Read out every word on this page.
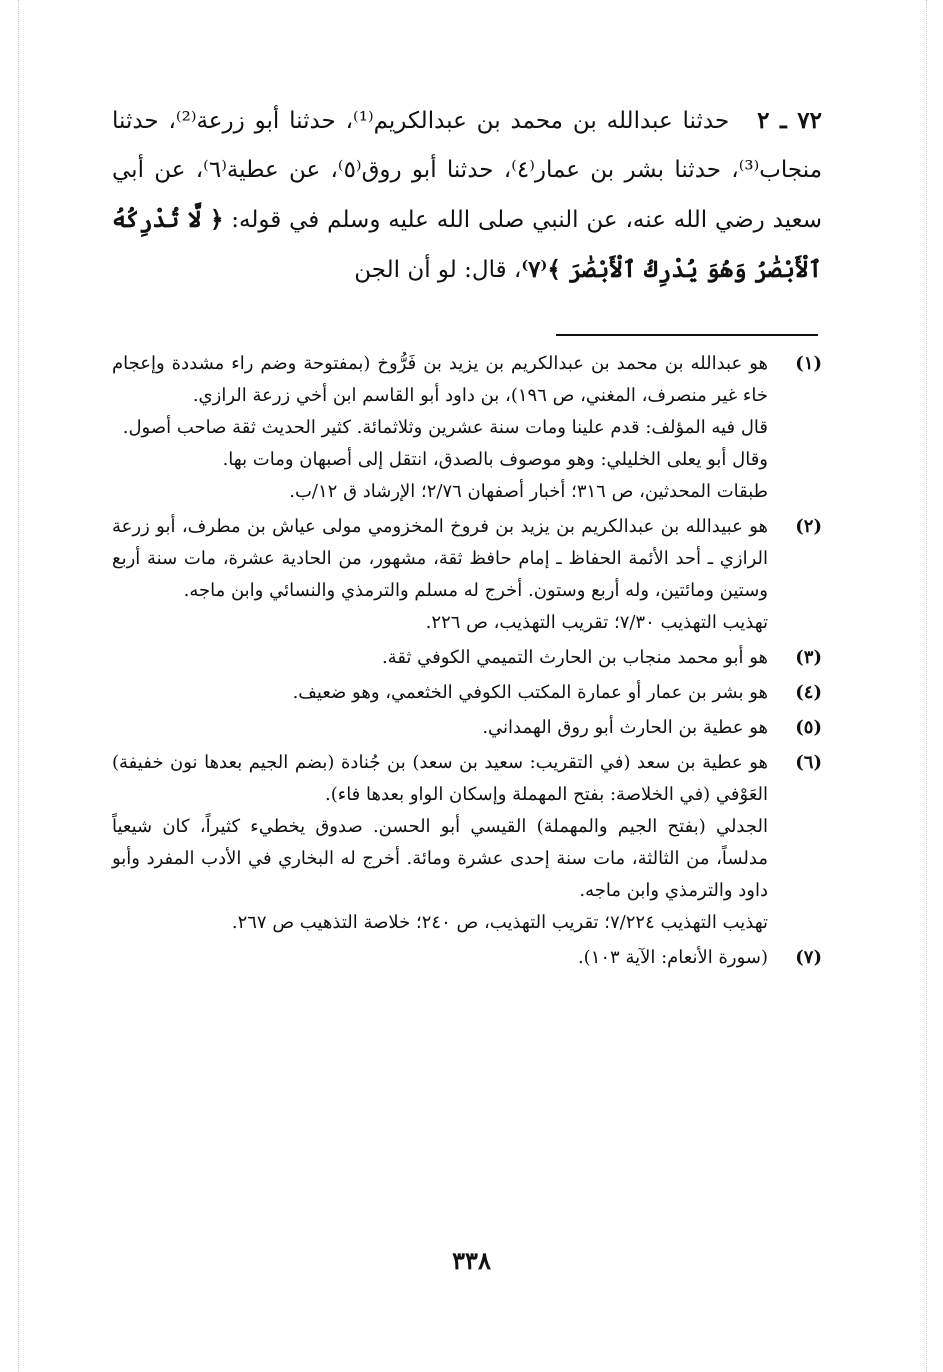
٧٢ ـ ٢ حدثنا عبدالله بن محمد بن عبدالكريم⁽¹⁾، حدثنا أبو زرعة⁽²⁾، حدثنا منجاب⁽³⁾، حدثنا بشر بن عمار⁽٤⁾، حدثنا أبو روق⁽٥⁾، عن عطية⁽٦⁾، عن أبي سعيد رضي الله عنه، عن النبي صلى الله عليه وسلم في قوله: ﴿ لَّا تُدْرِكُهُ ٱلْأَبْصَٰرُ وَهُوَ يُدْرِكُ ٱلْأَبْصَٰرَ ﴾⁽٧⁾، قال: لو أن الجن

(١)

هو عبدالله بن محمد بن عبدالكريم بن يزيد بن فَرُّوخ (بمفتوحة وضم راء مشددة وإعجام خاء غير منصرف، المغني، ص ١٩٦)، بن داود أبو القاسم ابن أخي زرعة الرازي.

قال فيه المؤلف: قدم علينا ومات سنة عشرين وثلاثمائة. كثير الحديث ثقة صاحب أصول.

وقال أبو يعلى الخليلي: وهو موصوف بالصدق، انتقل إلى أصبهان ومات بها.

طبقات المحدثين، ص ٣١٦؛ أخبار أصفهان ٢/٧٦؛ الإرشاد ق ١٢/ب.

(٢)

هو عبيدالله بن عبدالكريم بن يزيد بن فروخ المخزومي مولى عياش بن مطرف، أبو زرعة الرازي ـ أحد الأئمة الحفاظ ـ إمام حافظ ثقة، مشهور، من الحادية عشرة، مات سنة أربع وستين ومائتين، وله أربع وستون. أخرج له مسلم والترمذي والنسائي وابن ماجه.

تهذيب التهذيب ٧/٣٠؛ تقريب التهذيب، ص ٢٢٦.

(٣)

هو أبو محمد منجاب بن الحارث التميمي الكوفي ثقة.

(٤)

هو بشر بن عمار أو عمارة المكتب الكوفي الخثعمي، وهو ضعيف.

(٥)

هو عطية بن الحارث أبو روق الهمداني.

(٦)

هو عطية بن سعد (في التقريب: سعيد بن سعد) بن جُنادة (بضم الجيم بعدها نون خفيفة) العَوْفي (في الخلاصة: بفتح المهملة وإسكان الواو بعدها فاء).

الجدلي (بفتح الجيم والمهملة) القيسي أبو الحسن. صدوق يخطيء كثيراً، كان شيعياً مدلساً، من الثالثة، مات سنة إحدى عشرة ومائة. أخرج له البخاري في الأدب المفرد وأبو داود والترمذي وابن ماجه.

تهذيب التهذيب ٧/٢٢٤؛ تقريب التهذيب، ص ٢٤٠؛ خلاصة التذهيب ص ٢٦٧.

(٧)

(سورة الأنعام: الآية ١٠٣).

٣٣٨
